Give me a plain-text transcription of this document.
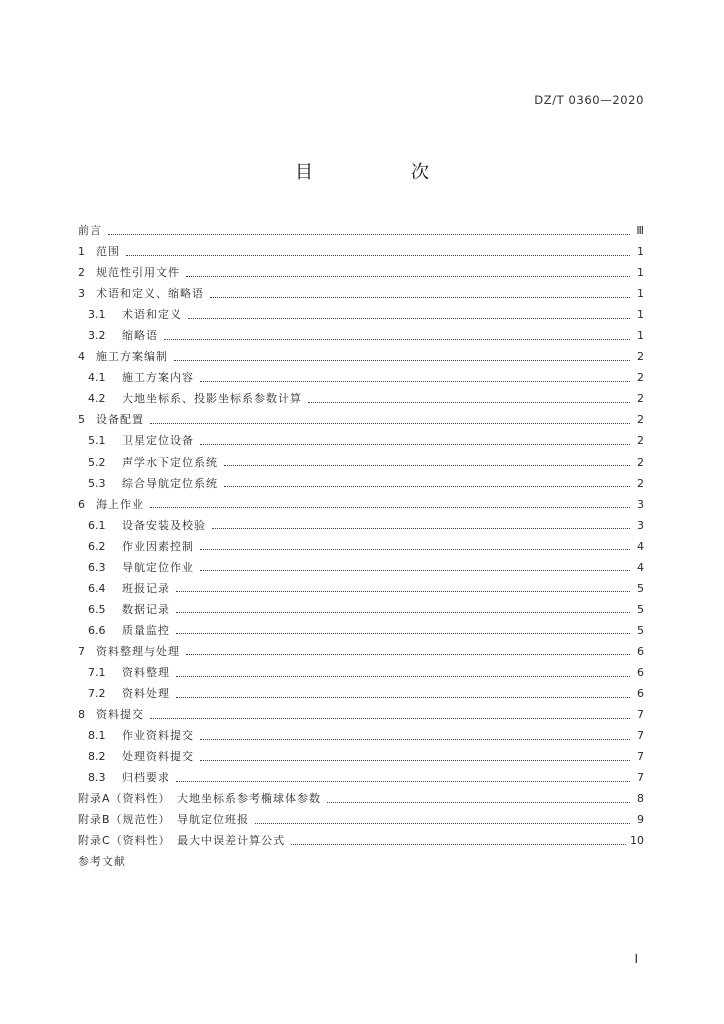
DZ/T 0360—2020
目　次
前言	Ⅲ
1	范围	1
2	规范性引用文件	1
3	术语和定义、缩略语	1
3.1	术语和定义	1
3.2	缩略语	1
4	施工方案编制	2
4.1	施工方案内容	2
4.2	大地坐标系、投影坐标系参数计算	2
5	设备配置	2
5.1	卫星定位设备	2
5.2	声学水下定位系统	2
5.3	综合导航定位系统	2
6	海上作业	3
6.1	设备安装及校验	3
6.2	作业因素控制	4
6.3	导航定位作业	4
6.4	班报记录	5
6.5	数据记录	5
6.6	质量监控	5
7	资料整理与处理	6
7.1	资料整理	6
7.2	资料处理	6
8	资料提交	7
8.1	作业资料提交	7
8.2	处理资料提交	7
8.3	归档要求	7
附录A（资料性）　大地坐标系参考椭球体参数	8
附录B（规范性）　导航定位班报	9
附录C（资料性）　最大中误差计算公式	10
参考文献
Ⅰ
